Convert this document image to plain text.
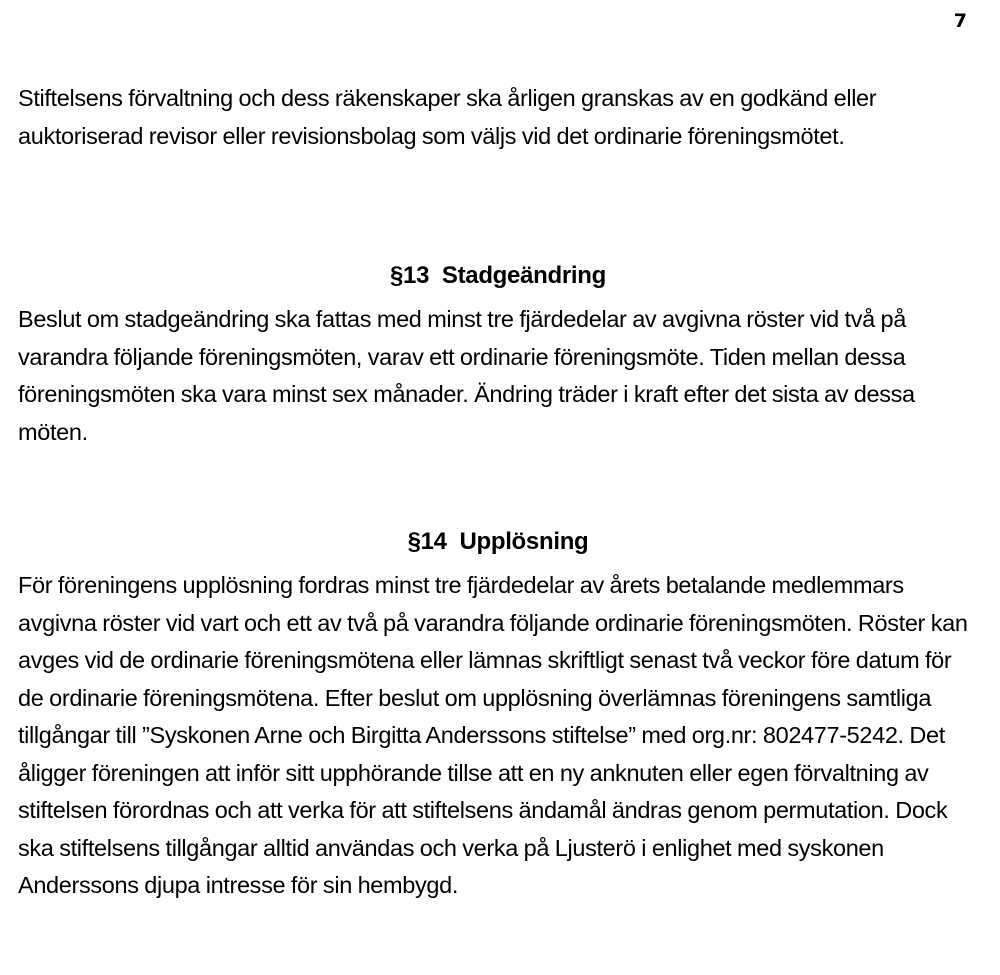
7

Stiftelsens förvaltning och dess räkenskaper ska årligen granskas av en godkänd eller auktoriserad revisor eller revisionsbolag som väljs vid det ordinarie föreningsmötet.

§13  Stadgeändring

Beslut om stadgeändring ska fattas med minst tre fjärdedelar av avgivna röster vid två på varandra följande föreningsmöten, varav ett ordinarie föreningsmöte. Tiden mellan dessa föreningsmöten ska vara minst sex månader. Ändring träder i kraft efter det sista av dessa möten.

§14  Upplösning

För föreningens upplösning fordras minst tre fjärdedelar av årets betalande medlemmars avgivna röster vid vart och ett av två på varandra följande ordinarie föreningsmöten. Röster kan avges vid de ordinarie föreningsmötena eller lämnas skriftligt senast två veckor före datum för de ordinarie föreningsmötena. Efter beslut om upplösning överlämnas föreningens samtliga tillgångar till ”Syskonen Arne och Birgitta Anderssons stiftelse” med org.nr: 802477-5242. Det åligger föreningen att inför sitt upphörande tillse att en ny anknuten eller egen förvaltning av stiftelsen förordnas och att verka för att stiftelsens ändamål ändras genom permutation. Dock ska stiftelsens tillgångar alltid användas och verka på Ljusterö i enlighet med syskonen Anderssons djupa intresse för sin hembygd.
